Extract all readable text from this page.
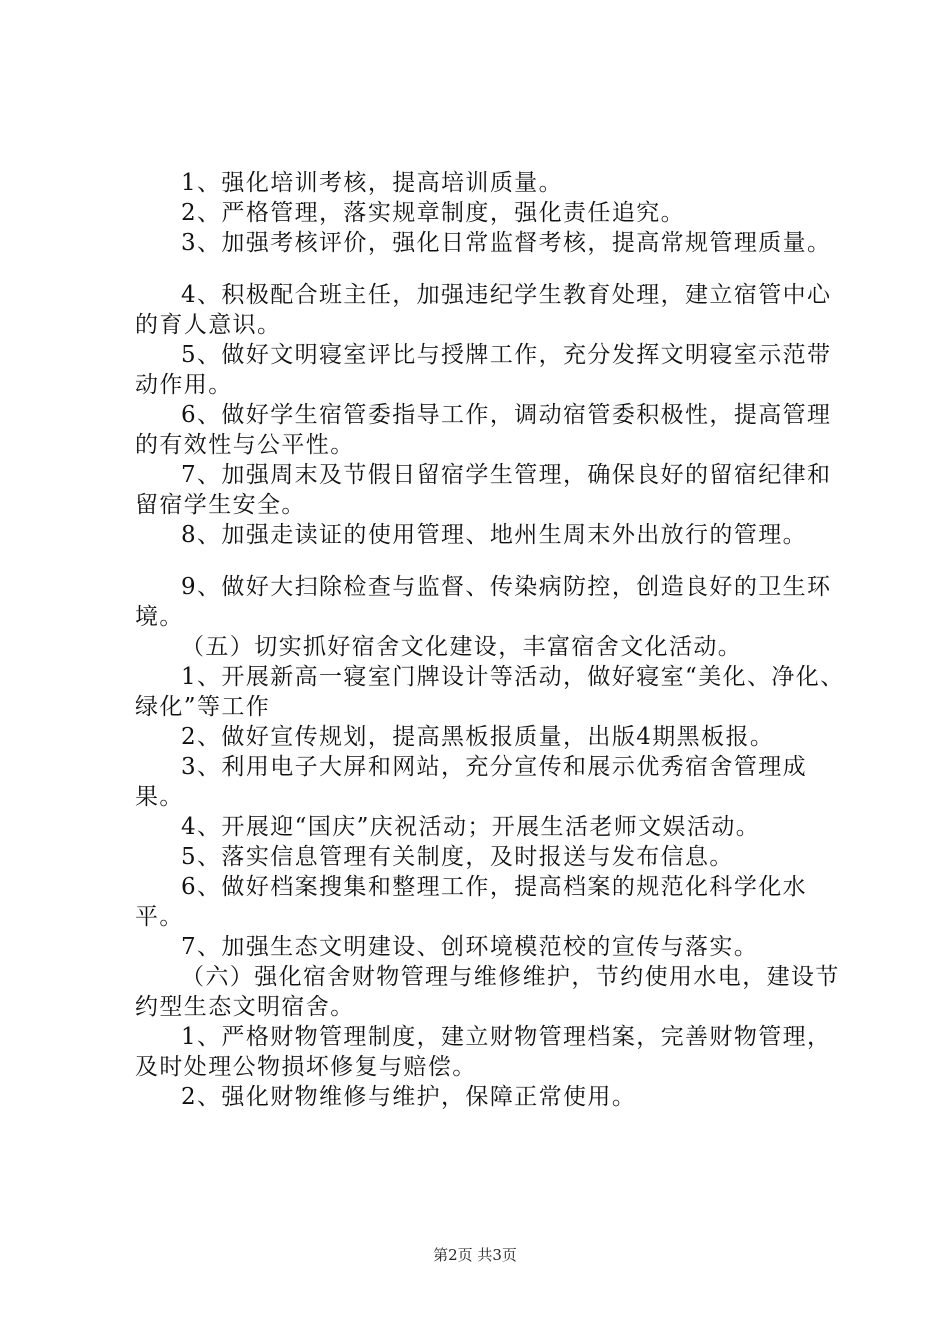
1、强化培训考核，提高培训质量。

2、严格管理，落实规章制度，强化责任追究。

3、加强考核评价，强化日常监督考核，提高常规管理质量。

4、积极配合班主任，加强违纪学生教育处理，建立宿管中心的育人意识。

5、做好文明寝室评比与授牌工作，充分发挥文明寝室示范带动作用。

6、做好学生宿管委指导工作，调动宿管委积极性，提高管理的有效性与公平性。

7、加强周末及节假日留宿学生管理，确保良好的留宿纪律和留宿学生安全。

8、加强走读证的使用管理、地州生周末外出放行的管理。

9、做好大扫除检查与监督、传染病防控，创造良好的卫生环境。

（五）切实抓好宿舍文化建设，丰富宿舍文化活动。

1、开展新高一寝室门牌设计等活动，做好寝室“美化、净化、绿化”等工作

2、做好宣传规划，提高黑板报质量，出版4期黑板报。

3、利用电子大屏和网站，充分宣传和展示优秀宿舍管理成果。

4、开展迎“国庆”庆祝活动；开展生活老师文娱活动。

5、落实信息管理有关制度，及时报送与发布信息。

6、做好档案搜集和整理工作，提高档案的规范化科学化水平。

7、加强生态文明建设、创环境模范校的宣传与落实。

（六）强化宿舍财物管理与维修维护，节约使用水电，建设节约型生态文明宿舍。

1、严格财物管理制度，建立财物管理档案，完善财物管理，及时处理公物损坏修复与赔偿。

2、强化财物维修与维护，保障正常使用。

第2页 共3页
